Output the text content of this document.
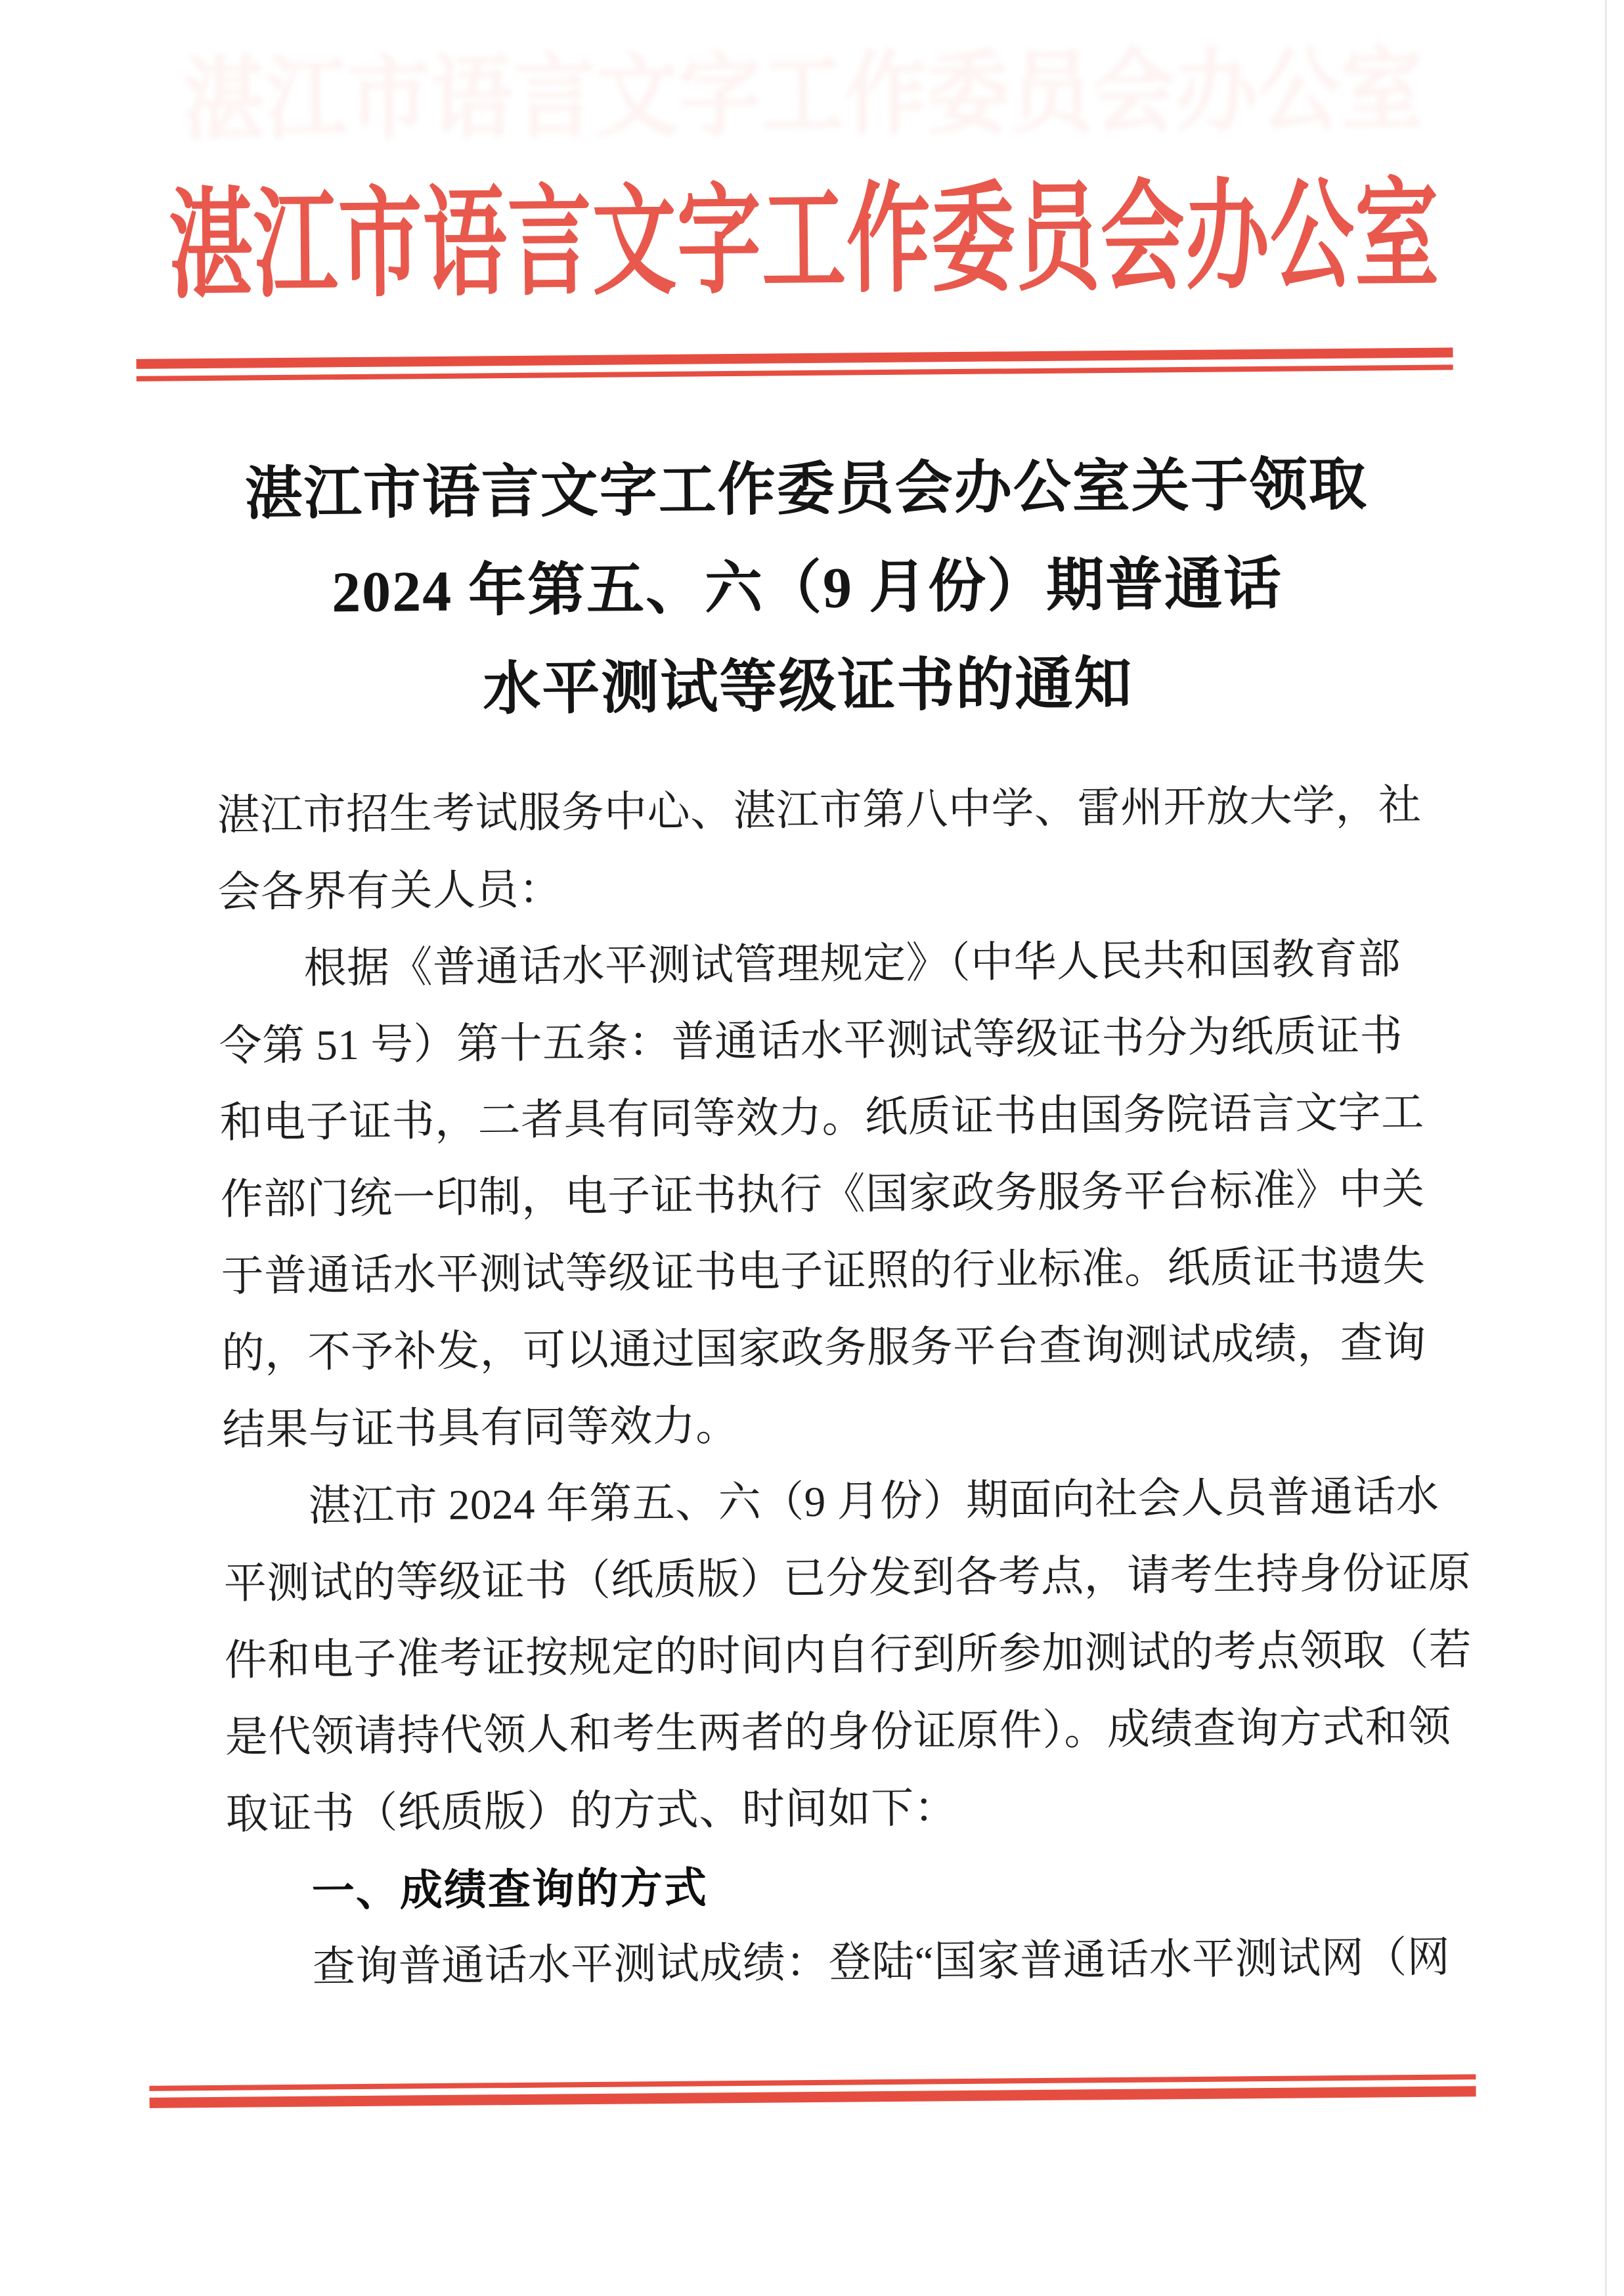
湛江市语言文字工作委员会办公室
湛江市语言文字工作委员会办公室
湛江市语言文字工作委员会办公室关于领取
2024 年第五、六（9 月份）期普通话
水平测试等级证书的通知
湛江市招生考试服务中心、湛江市第八中学、雷州开放大学，社
会各界有关人员：
根据《普通话水平测试管理规定》（中华人民共和国教育部
令第 51 号）第十五条：普通话水平测试等级证书分为纸质证书
和电子证书，二者具有同等效力。纸质证书由国务院语言文字工
作部门统一印制，电子证书执行《国家政务服务平台标准》中关
于普通话水平测试等级证书电子证照的行业标准。纸质证书遗失
的，不予补发，可以通过国家政务服务平台查询测试成绩，查询
结果与证书具有同等效力。
湛江市 2024 年第五、六（9 月份）期面向社会人员普通话水
平测试的等级证书（纸质版）已分发到各考点，请考生持身份证原
件和电子准考证按规定的时间内自行到所参加测试的考点领取（若
是代领请持代领人和考生两者的身份证原件）。成绩查询方式和领
取证书（纸质版）的方式、时间如下：
一、成绩查询的方式
查询普通话水平测试成绩：登陆“国家普通话水平测试网（网
